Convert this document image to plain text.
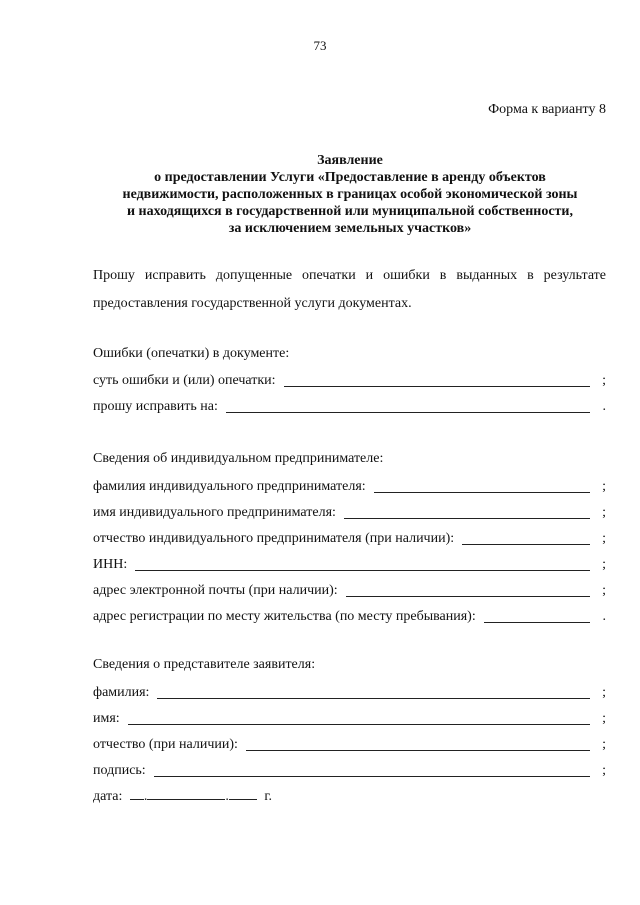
73
Форма к варианту 8
Заявление
о предоставлении Услуги «Предоставление в аренду объектов
недвижимости, расположенных в границах особой экономической зоны
и находящихся в государственной или муниципальной собственности,
за исключением земельных участков»
Прошу исправить допущенные опечатки и ошибки в выданных в результате
предоставления государственной услуги документах.
Ошибки (опечатки) в документе:
суть ошибки и (или) опечатки:	;
прошу исправить на:	.
Сведения об индивидуальном предпринимателе:
фамилия индивидуального предпринимателя:	;
имя индивидуального предпринимателя:	;
отчество индивидуального предпринимателя (при наличии):	;
ИНН:	;
адрес электронной почты (при наличии):	;
адрес регистрации по месту жительства (по месту пребывания):	.
Сведения о представителе заявителя:
фамилия:	;
имя:	;
отчество (при наличии):	;
подпись:	;
дата: .	.	г.
